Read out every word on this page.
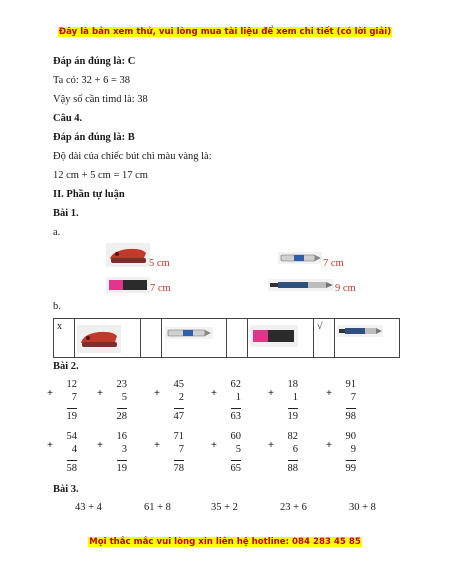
Đây là bản xem thử, vui lòng mua tài liệu để xem chi tiết (có lời giải)
Đáp án đúng là: C
Ta có: 32 + 6 = 38
Vậy số cần timd là: 38
Câu 4.
Đáp án đúng là: B
Độ dài của chiếc bút chì màu vàng là:
12 cm + 5 cm = 17 cm
II. Phần tự luận
Bài 1.
a.
5 cm	7 cm
7 cm	9 cm
b.
x						√

Bài 2.
12
+ 7
19
23
+ 5
28
45
+ 2
47
62
+ 1
63
18
+ 1
19
91
+ 7
98
54
+ 4
58
16
+ 3
19
71
+ 7
78
60
+ 5
65
82
+ 6
88
90
+ 9
99
Bài 3.
43 + 4	61 + 8	35 + 2	23 + 6	30 + 8
Mọi thắc mắc vui lòng xin liên hệ hotline: 084 283 45 85
